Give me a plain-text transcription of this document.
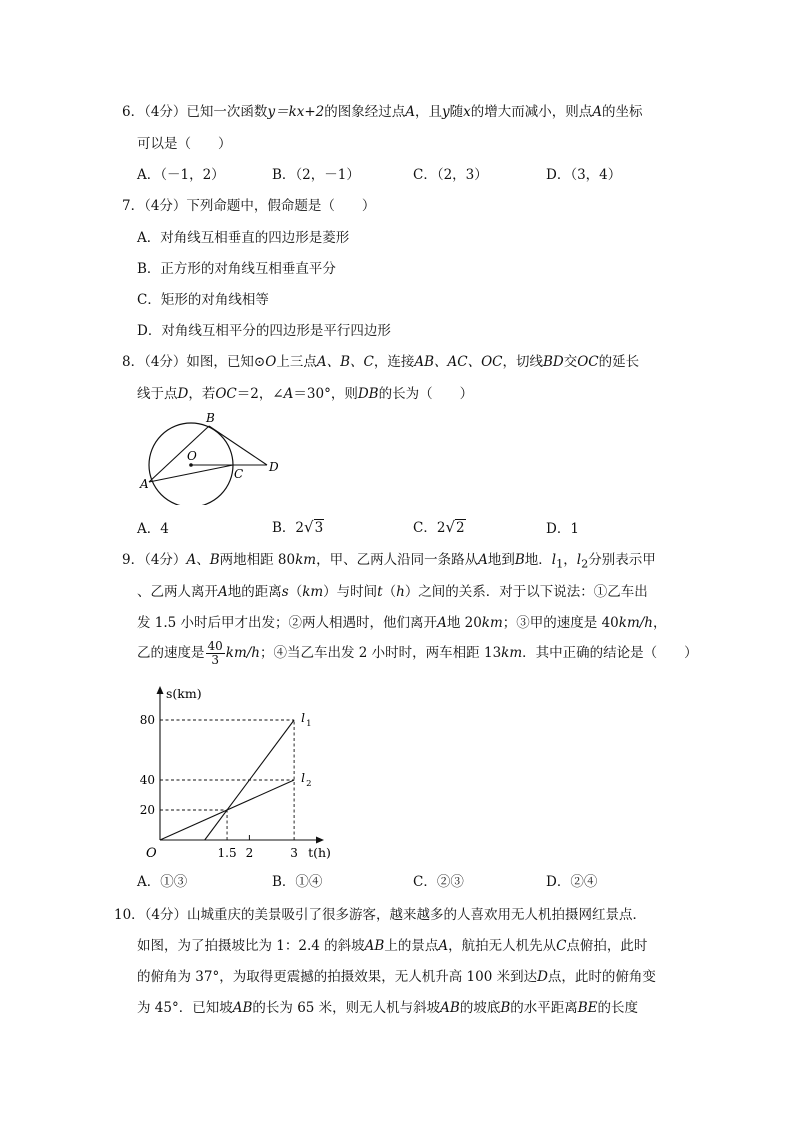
6．（4分）已知一次函数y＝kx+2的图象经过点A，且y随x的增大而减小，则点A的坐标
可以是（　　）
A．（－1，2）	B．（2，－1）	C．（2，3）	D．（3，4）
7．（4分）下列命题中，假命题是（　　）
A．对角线互相垂直的四边形是菱形
B．正方形的对角线互相垂直平分
C．矩形的对角线相等
D．对角线互相平分的四边形是平行四边形
8．（4分）如图，已知⊙O上三点A、B、C，连接AB、AC、OC，切线BD交OC的延长
线于点D，若OC＝2，∠A＝30°，则DB的长为（　　）
B
O
A
C D
A．4	B．2√3	C．2√2	D．1
9．（4分）A、B两地相距 80km，甲、乙两人沿同一条路从A地到B地．$l_1$，$l_2$分别表示甲
、乙两人离开A地的距离s（km）与时间t（h）之间的关系．对于以下说法：①乙车出
发 1.5 小时后甲才出发；②两人相遇时，他们离开A地 20km；③甲的速度是 40km/h，
乙的速度是 $\frac{40}{3} km/h$；④当乙车出发 2 小时时，两车相距 13km．其中正确的结论是（　　）
l 1
l 2
1.5 2	3
20
40
80
O
s(km)
t(h)
A．①③	B．①④	C．②③	D．②④
10．（4分）山城重庆的美景吸引了很多游客，越来越多的人喜欢用无人机拍摄网红景点．
如图，为了拍摄坡比为 1：2.4 的斜坡AB上的景点A，航拍无人机先从C点俯拍，此时
的俯角为 37°，为取得更震撼的拍摄效果，无人机升高 100 米到达D点，此时的俯角变
为 45°．已知坡AB的长为 65 米，则无人机与斜坡AB的坡底B的水平距离BE的长度
